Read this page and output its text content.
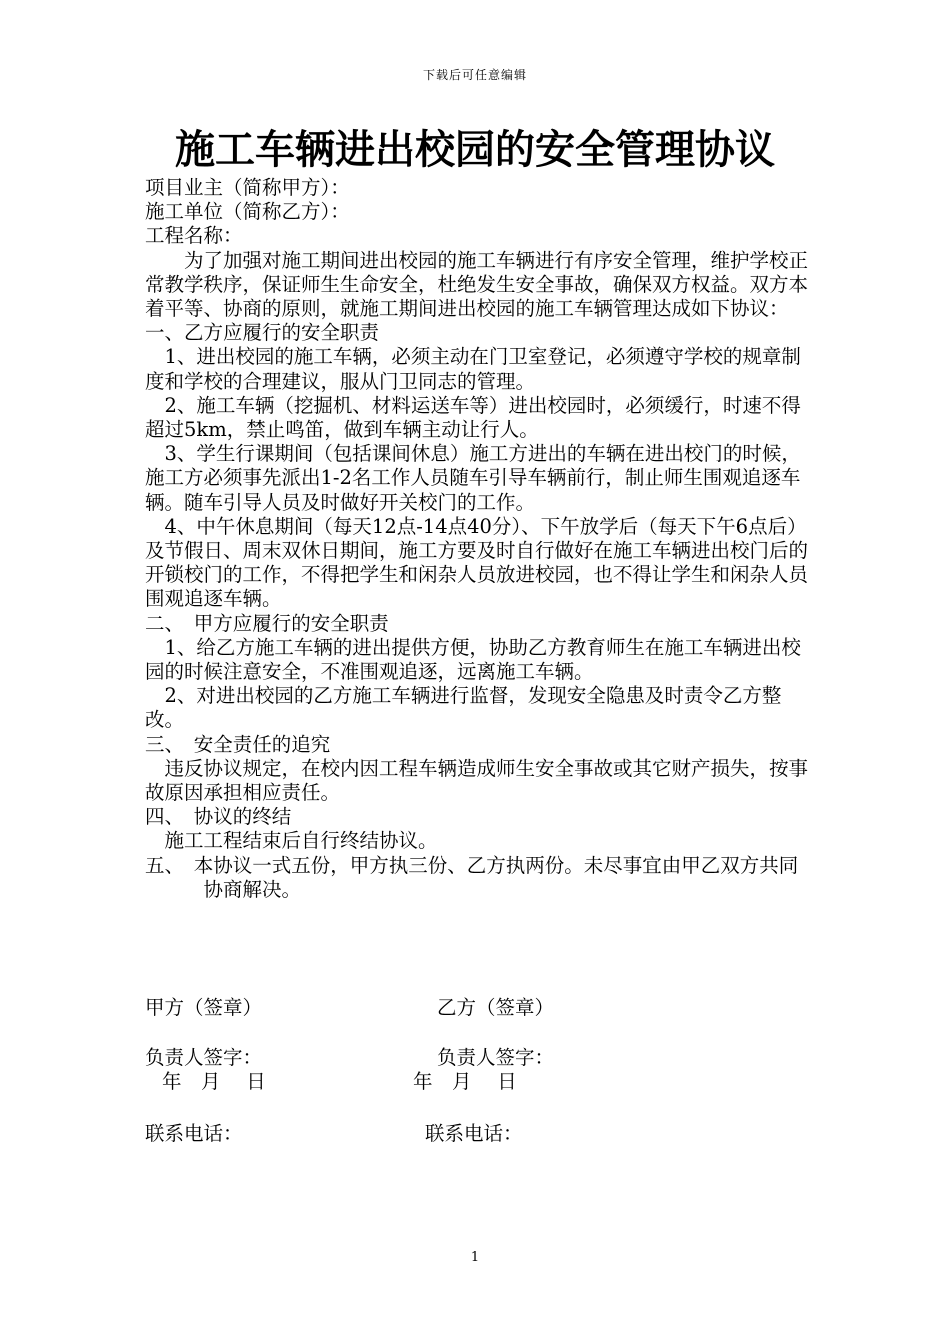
下载后可任意编辑
施工车辆进出校园的安全管理协议

项目业主（简称甲方）：

施工单位（简称乙方）：

工程名称：

为了加强对施工期间进出校园的施工车辆进行有序安全管理，维护学校正常教学秩序，保证师生生命安全，杜绝发生安全事故，确保双方权益。双方本着平等、协商的原则，就施工期间进出校园的施工车辆管理达成如下协议：

一、乙方应履行的安全职责

1、进出校园的施工车辆，必须主动在门卫室登记，必须遵守学校的规章制度和学校的合理建议，服从门卫同志的管理。

2、施工车辆（挖掘机、材料运送车等）进出校园时，必须缓行，时速不得超过5km，禁止鸣笛，做到车辆主动让行人。

3、学生行课期间（包括课间休息）施工方进出的车辆在进出校门的时候，施工方必须事先派出1-2名工作人员随车引导车辆前行，制止师生围观追逐车辆。随车引导人员及时做好开关校门的工作。

4、中午休息期间（每天12点-14点40分）、下午放学后（每天下午6点后）及节假日、周末双休日期间，施工方要及时自行做好在施工车辆进出校门后的开锁校门的工作，不得把学生和闲杂人员放进校园，也不得让学生和闲杂人员围观追逐车辆。

二、　甲方应履行的安全职责

1、给乙方施工车辆的进出提供方便，协助乙方教育师生在施工车辆进出校园的时候注意安全，不准围观追逐，远离施工车辆。

2、对进出校园的乙方施工车辆进行监督，发现安全隐患及时责令乙方整改。

三、　安全责任的追究

违反协议规定，在校内因工程车辆造成师生安全事故或其它财产损失，按事故原因承担相应责任。

四、　协议的终结

施工工程结束后自行终结协议。

五、　本协议一式五份，甲方执三份、乙方执两份。未尽事宜由甲乙双方共同协商解决。

甲方（签章）	乙方（签章）
负责人签字：	负责人签字：
年　月　 日	年　月　 日
联系电话：	联系电话：
1
